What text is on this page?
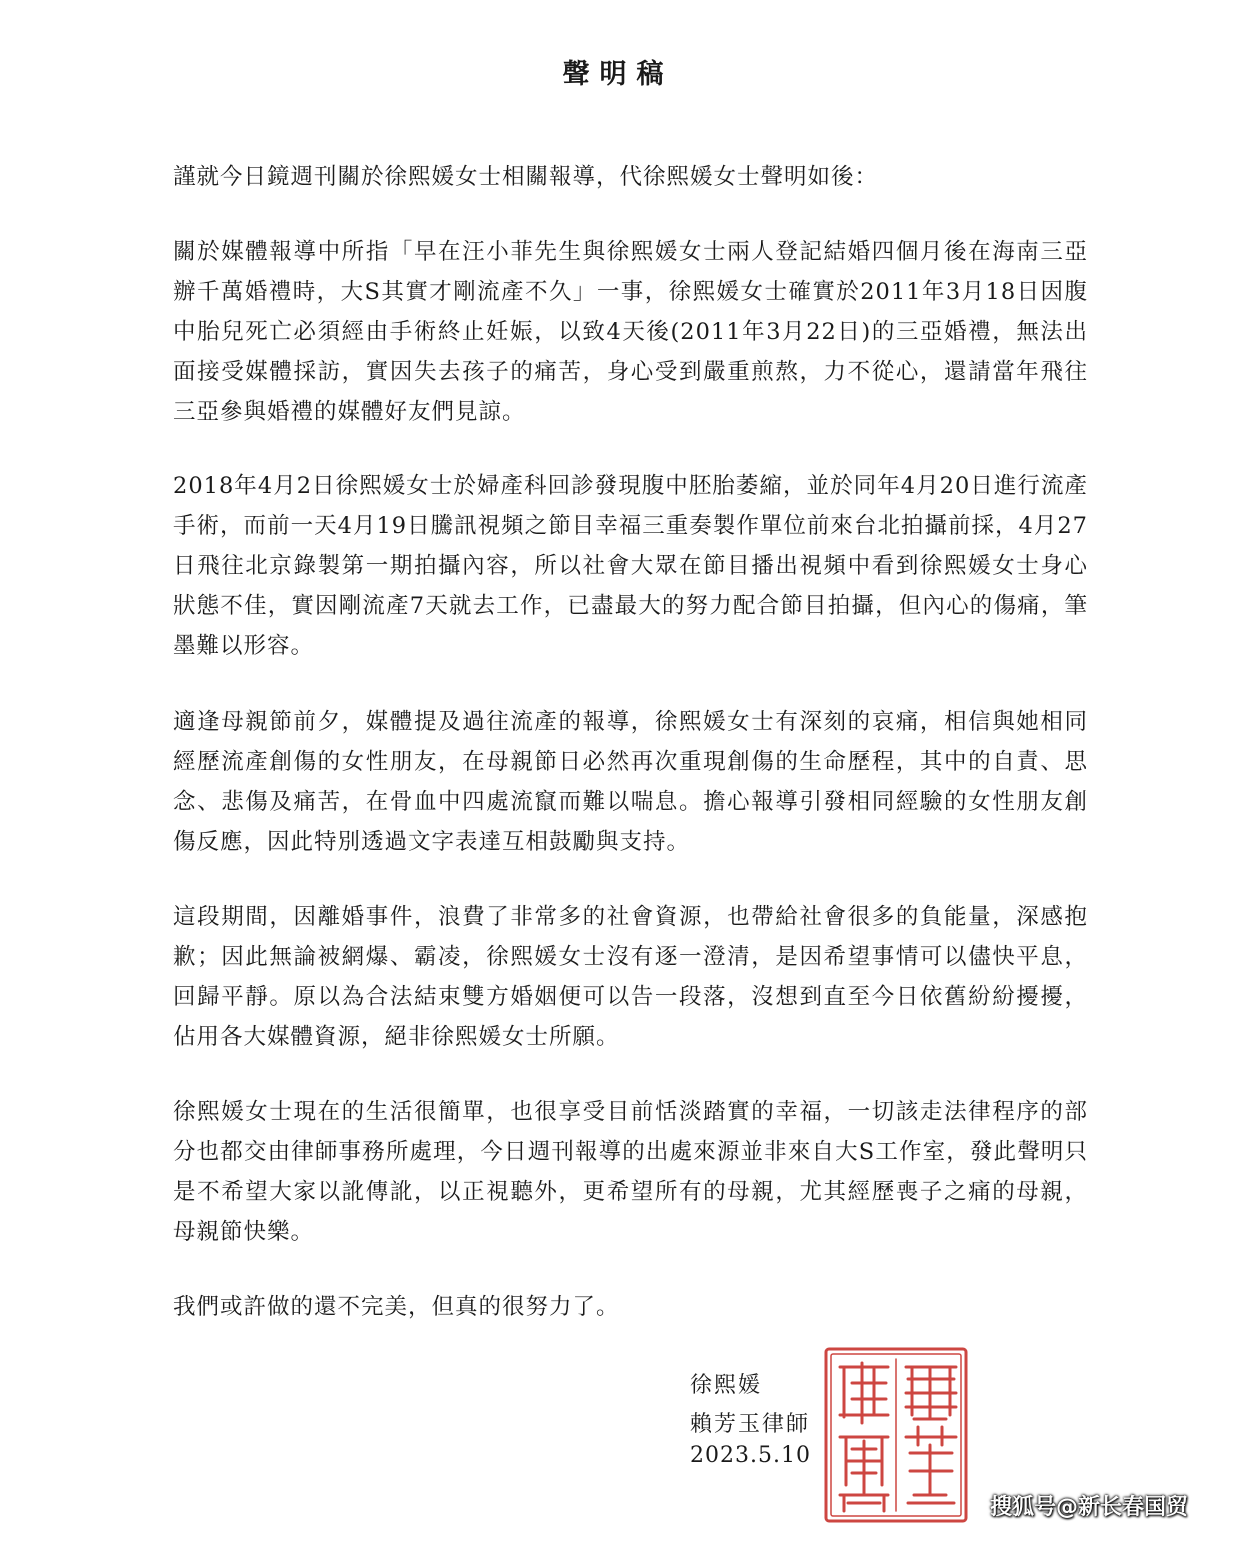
聲明稿
謹就今日鏡週刊關於徐熙媛女士相關報導，代徐熙媛女士聲明如後：
關於媒體報導中所指「早在汪小菲先生與徐熙媛女士兩人登記結婚四個月後在海南三亞辦千萬婚禮時，大S其實才剛流產不久」一事，徐熙媛女士確實於2011年3月18日因腹中胎兒死亡必須經由手術終止妊娠，以致4天後(2011年3月22日)的三亞婚禮，無法出面接受媒體採訪，實因失去孩子的痛苦，身心受到嚴重煎熬，力不從心，還請當年飛往三亞參與婚禮的媒體好友們見諒。
2018年4月2日徐熙媛女士於婦產科回診發現腹中胚胎萎縮，並於同年4月20日進行流產手術，而前一天4月19日騰訊視頻之節目幸福三重奏製作單位前來台北拍攝前採，4月27日飛往北京錄製第一期拍攝內容，所以社會大眾在節目播出視頻中看到徐熙媛女士身心狀態不佳，實因剛流產7天就去工作，已盡最大的努力配合節目拍攝，但內心的傷痛，筆墨難以形容。
適逢母親節前夕，媒體提及過往流產的報導，徐熙媛女士有深刻的哀痛，相信與她相同經歷流產創傷的女性朋友，在母親節日必然再次重現創傷的生命歷程，其中的自責、思念、悲傷及痛苦，在骨血中四處流竄而難以喘息。擔心報導引發相同經驗的女性朋友創傷反應，因此特別透過文字表達互相鼓勵與支持。
這段期間，因離婚事件，浪費了非常多的社會資源，也帶給社會很多的負能量，深感抱歉；因此無論被網爆、霸凌，徐熙媛女士沒有逐一澄清，是因希望事情可以儘快平息，回歸平靜。原以為合法結束雙方婚姻便可以告一段落，沒想到直至今日依舊紛紛擾擾，佔用各大媒體資源，絕非徐熙媛女士所願。
徐熙媛女士現在的生活很簡單，也很享受目前恬淡踏實的幸福，一切該走法律程序的部分也都交由律師事務所處理，今日週刊報導的出處來源並非來自大S工作室，發此聲明只是不希望大家以訛傳訛，以正視聽外，更希望所有的母親，尤其經歷喪子之痛的母親，母親節快樂。
我們或許做的還不完美，但真的很努力了。
徐熙媛
賴芳玉律師
2023.5.10
搜狐号@新长春国贸
